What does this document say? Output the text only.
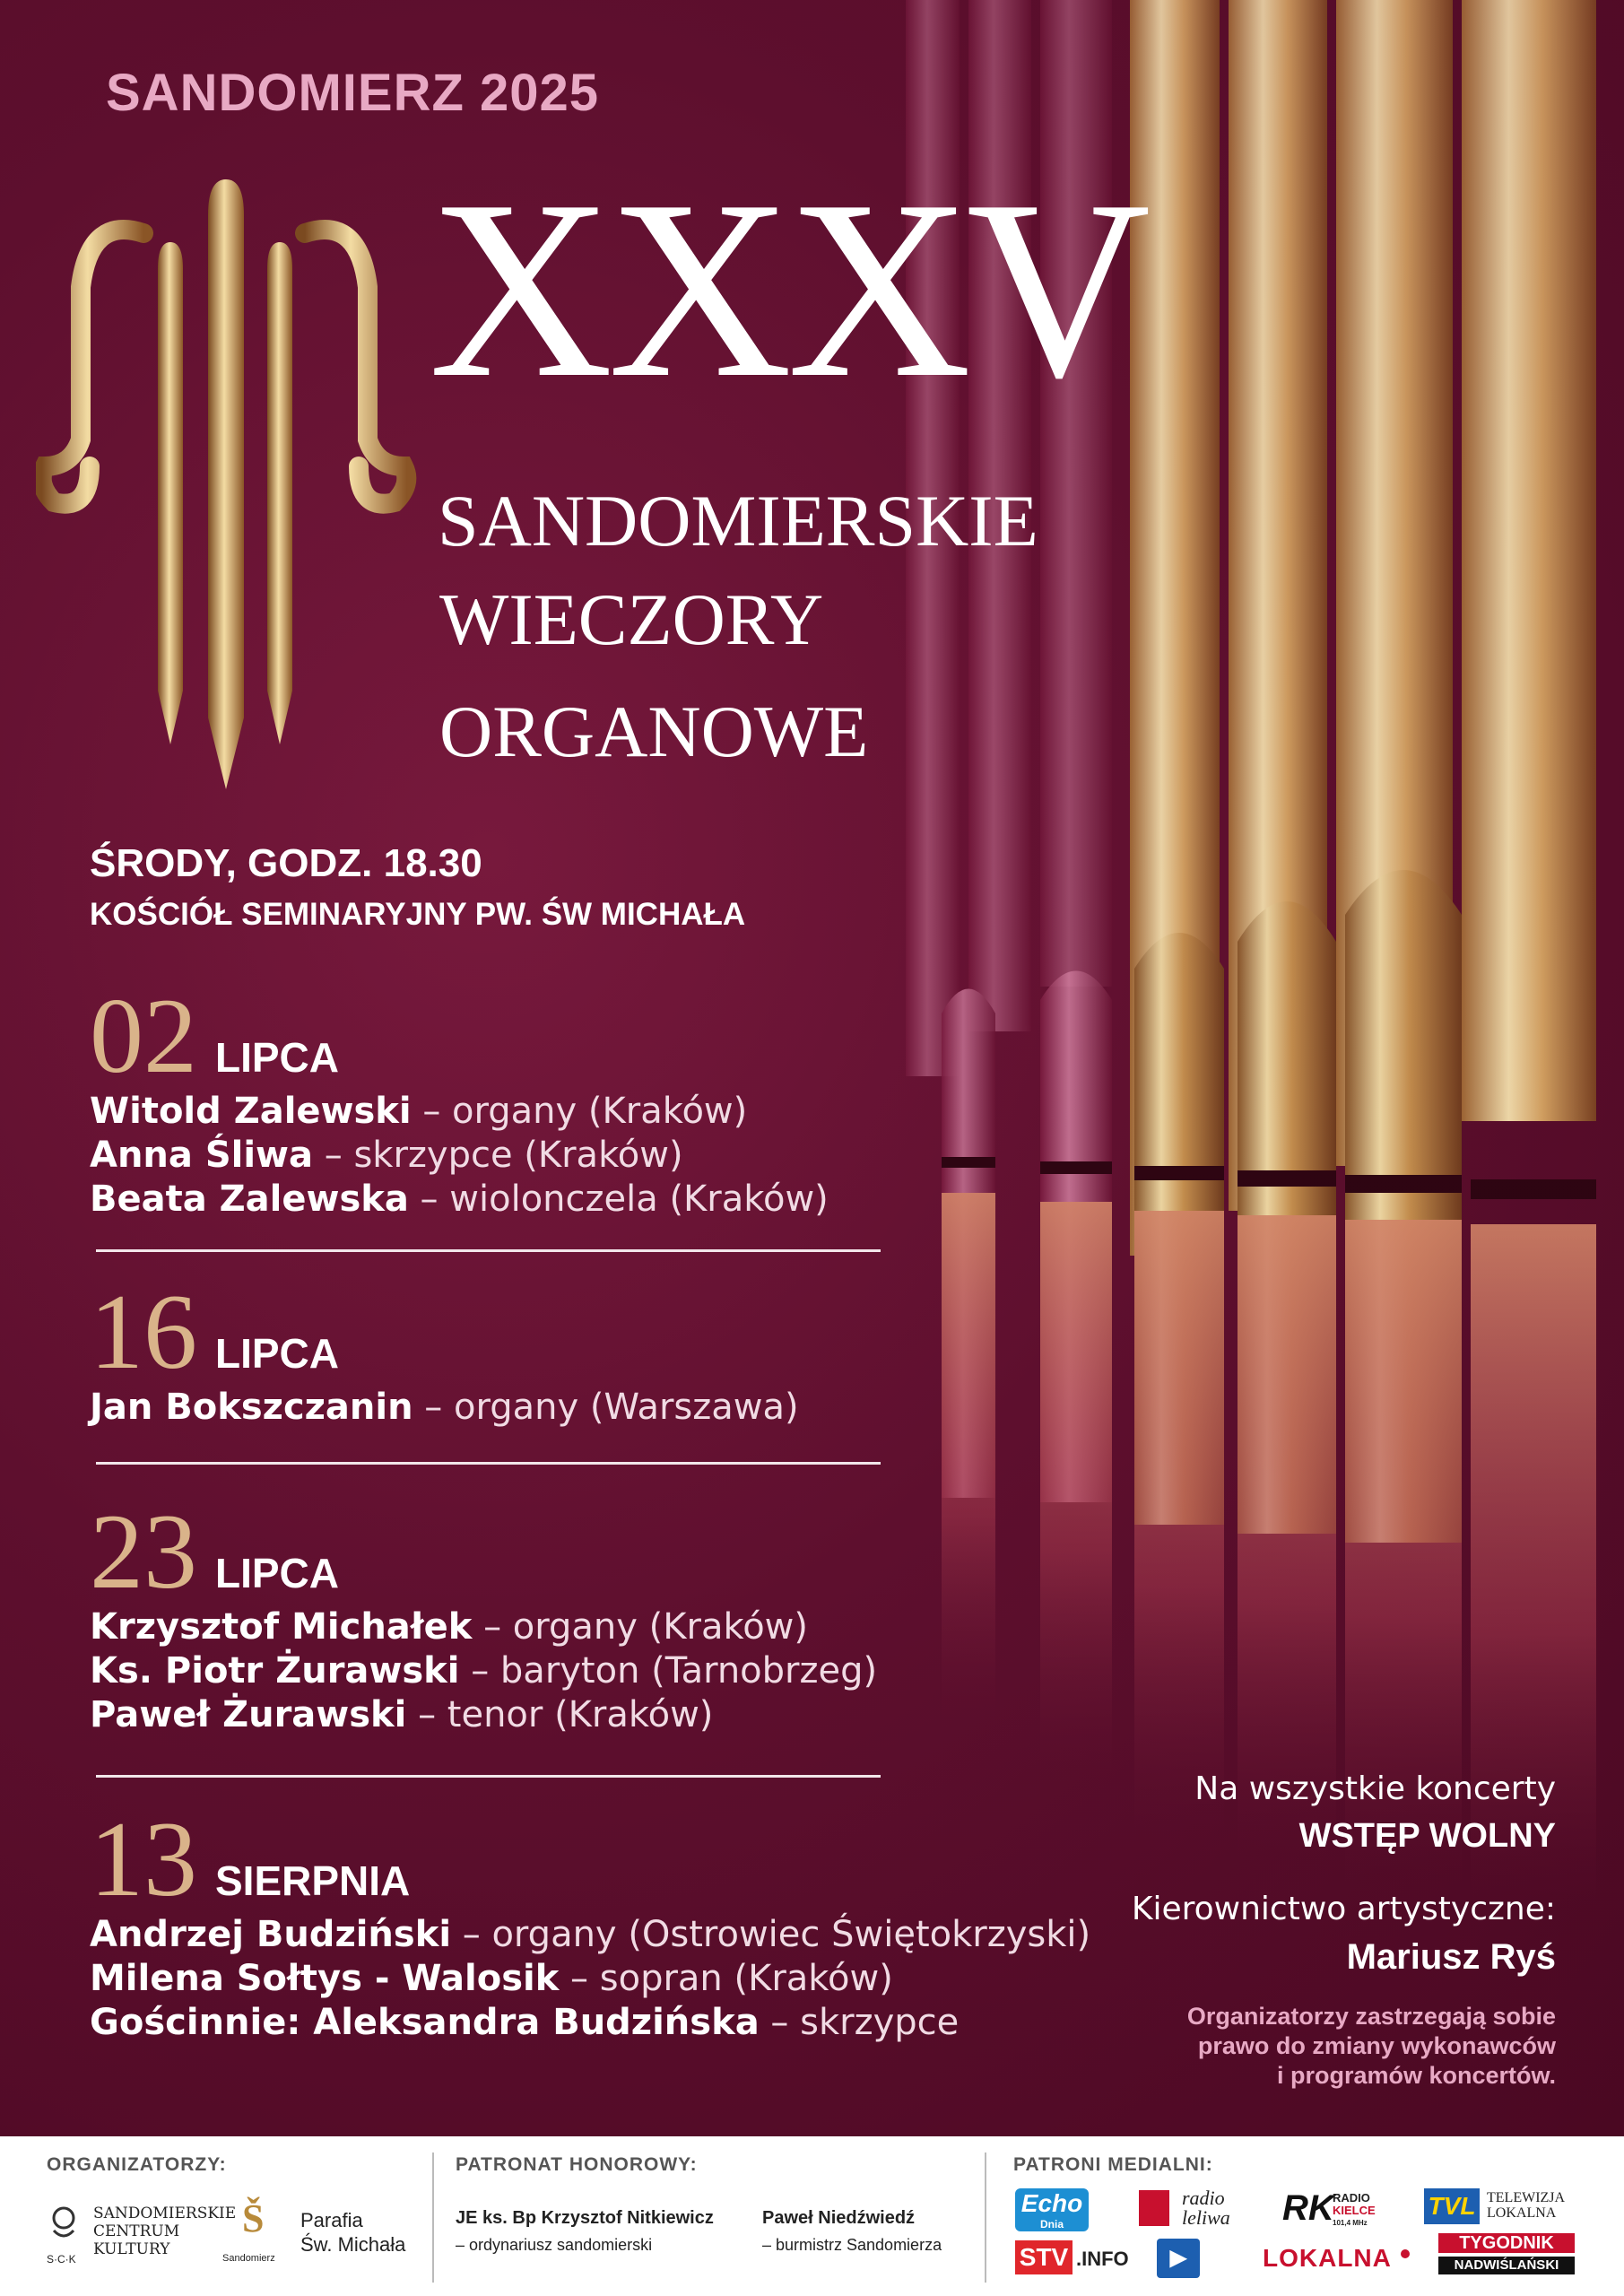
SANDOMIERZ 2025
XXXV
SANDOMIERSKIE
WIECZORY
ORGANOWE
ŚRODY, GODZ. 18.30
KOŚCIÓŁ SEMINARYJNY PW. ŚW MICHAŁA
02 LIPCA
Witold Zalewski – organy (Kraków)
Anna Śliwa – skrzypce (Kraków)
Beata Zalewska – wiolonczela (Kraków)
16 LIPCA
Jan Bokszczanin – organy (Warszawa)
23 LIPCA
Krzysztof Michałek – organy (Kraków)
Ks. Piotr Żurawski – baryton (Tarnobrzeg)
Paweł Żurawski – tenor (Kraków)
13 SIERPNIA
Andrzej Budziński – organy (Ostrowiec Świętokrzyski)
Milena Sołtys - Walosik – sopran (Kraków)
Gościnnie: Aleksandra Budzińska – skrzypce
Na wszystkie koncerty
WSTĘP WOLNY
Kierownictwo artystyczne:
Mariusz Ryś
Organizatorzy zastrzegają sobie
prawo do zmiany wykonawców
i programów koncertów.
ORGANIZATORZY:
S·C·K
SANDOMIERSKIE
CENTRUM
KULTURY
Š
Sandomierz
Parafia
Św. Michała
PATRONAT HONOROWY:
JE ks. Bp Krzysztof Nitkiewicz
– ordynariusz sandomierski
Paweł Niedźwiedź
– burmistrz Sandomierza
PATRONI MEDIALNI:
Echo
Dnia
STV .INFO
radio
leliwa
▶
RK
RADIO
KIELCE
101,4 MHz
LOKALNA
TVL TELEWIZJA
LOKALNA
TYGODNIK
NADWIŚLAŃSKI
